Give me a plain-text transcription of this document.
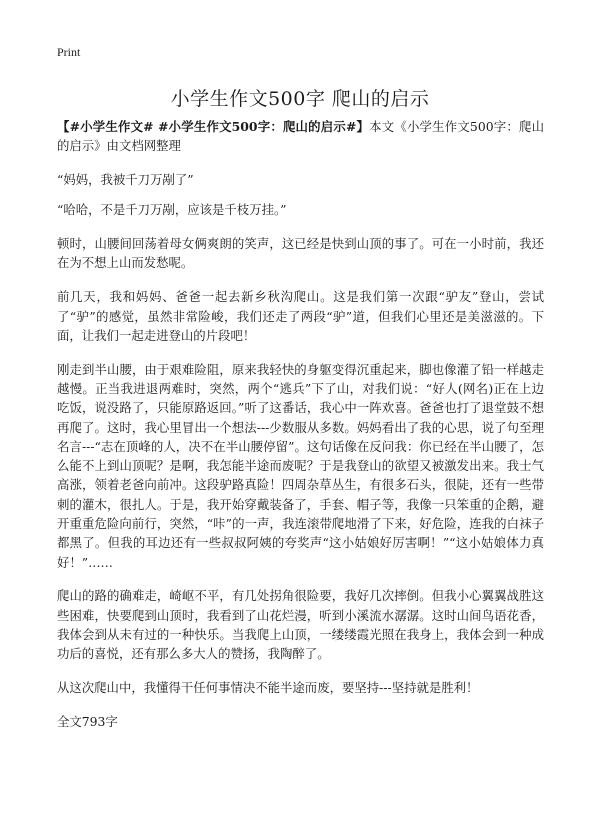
Print
小学生作文500字 爬山的启示

【#小学生作文# #小学生作文500字：爬山的启示#】本文《小学生作文500字：爬山的启示》由文档网整理

“妈妈，我被千刀万剐了”

“哈哈，不是千刀万剐，应该是千枝万挂。”

顿时，山腰间回荡着母女俩爽朗的笑声，这已经是快到山顶的事了。可在一小时前，我还在为不想上山而发愁呢。

前几天，我和妈妈、爸爸一起去新乡秋沟爬山。这是我们第一次跟“驴友”登山，尝试了“驴”的感觉，虽然非常险峻，我们还走了两段“驴”道，但我们心里还是美滋滋的。下面，让我们一起走进登山的片段吧！

刚走到半山腰，由于艰难险阻，原来我轻快的身躯变得沉重起来，脚也像灌了铅一样越走越慢。正当我进退两难时，突然，两个“逃兵”下了山，对我们说：“好人(网名)正在上边吃饭，说没路了，只能原路返回。”听了这番话，我心中一阵欢喜。爸爸也打了退堂鼓不想再爬了。这时，我心里冒出一个想法---少数服从多数。妈妈看出了我的心思，说了句至理名言---“志在顶峰的人，决不在半山腰停留”。这句话像在反问我：你已经在半山腰了，怎么能不上到山顶呢？是啊，我怎能半途而废呢？于是我登山的欲望又被激发出来。我士气高涨，领着老爸向前冲。这段驴路真险！四周杂草丛生，有很多石头，很陡，还有一些带刺的灌木，很扎人。于是，我开始穿戴装备了，手套、帽子等，我像一只笨重的企鹅，避开重重危险向前行，突然，“咔”的一声，我连滚带爬地滑了下来，好危险，连我的白袜子都黑了。但我的耳边还有一些叔叔阿姨的夸奖声“这小姑娘好厉害啊！”“这小姑娘体力真好！”……

爬山的路的确难走，崎岖不平，有几处拐角很险要，我好几次摔倒。但我小心翼翼战胜这些困难，快要爬到山顶时，我看到了山花烂漫，听到小溪流水潺潺。这时山间鸟语花香，我体会到从未有过的一种快乐。当我爬上山顶，一缕缕霞光照在我身上，我体会到一种成功后的喜悦，还有那么多大人的赞扬，我陶醉了。

从这次爬山中，我懂得干任何事情决不能半途而废，要坚持---坚持就是胜利！

全文793字
